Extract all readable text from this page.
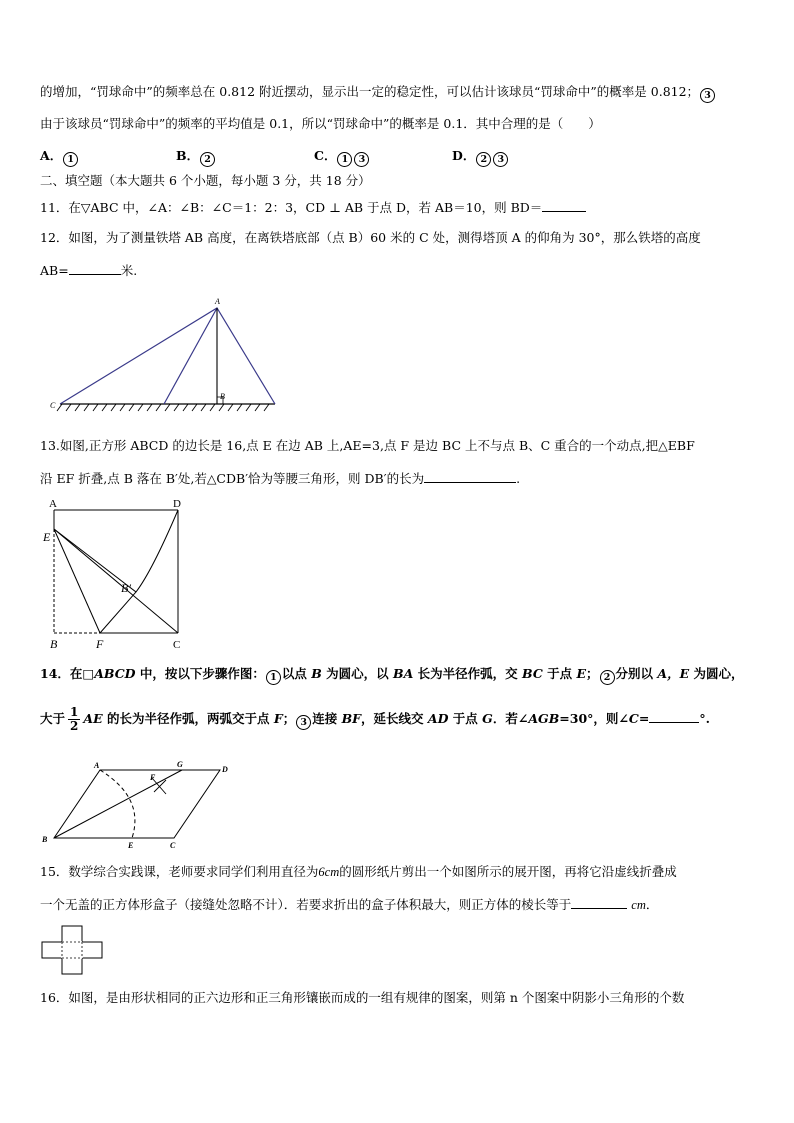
的增加，“罚球命中”的频率总在 0.812 附近摆动，显示出一定的稳定性，可以估计该球员“罚球命中”的概率是 0.812； 3
由于该球员“罚球命中”的频率的平均值是 0.1，所以“罚球命中”的概率是 0.1．其中合理的是（　　）
A． 1	B． 2	C． 1 3	D． 2 3
二、填空题（本大题共 6 个小题，每小题 3 分，共 18 分）
11．在▽ABC 中，∠A：∠B：∠C＝1：2：3，CD ⊥ AB 于点 D，若 AB＝10，则 BD＝
12．如图，为了测量铁塔 AB 高度，在离铁塔底部（点 B）60 米的 C 处，测得塔顶 A 的仰角为 30°，那么铁塔的高度
AB=	米.
A
B
C
13.如图,正方形 ABCD 的边长是 16,点 E 在边 AB 上,AE=3,点 F 是边 BC 上不与点 B、C 重合的一个动点,把△EBF
沿 EF 折叠,点 B 落在 B′处,若△CDB′恰为等腰三角形，则 DB′的长为	.
A	D
E
B′
B	F	C
14．在□ABCD 中，按以下步骤作图： 1 以点 B 为圆心，以 BA 长为半径作弧，交 BC 于点 E； 2 分别以 A，E 为圆心，
大于 $\frac{1}{2}$ AE 的长为半径作弧，两弧交于点 F； 3 连接 BF，延长线交 AD 于点 G．若∠AGB=30°，则∠C=	°.
A	G
D
F
B
E	C
15．数学综合实践课，老师要求同学们利用直径为6cm的圆形纸片剪出一个如图所示的展开图，再将它沿虚线折叠成
一个无盖的正方体形盒子（接缝处忽略不计）．若要求折出的盒子体积最大，则正方体的棱长等于	cm．
16．如图，是由形状相同的正六边形和正三角形镶嵌而成的一组有规律的图案，则第 n 个图案中阴影小三角形的个数
